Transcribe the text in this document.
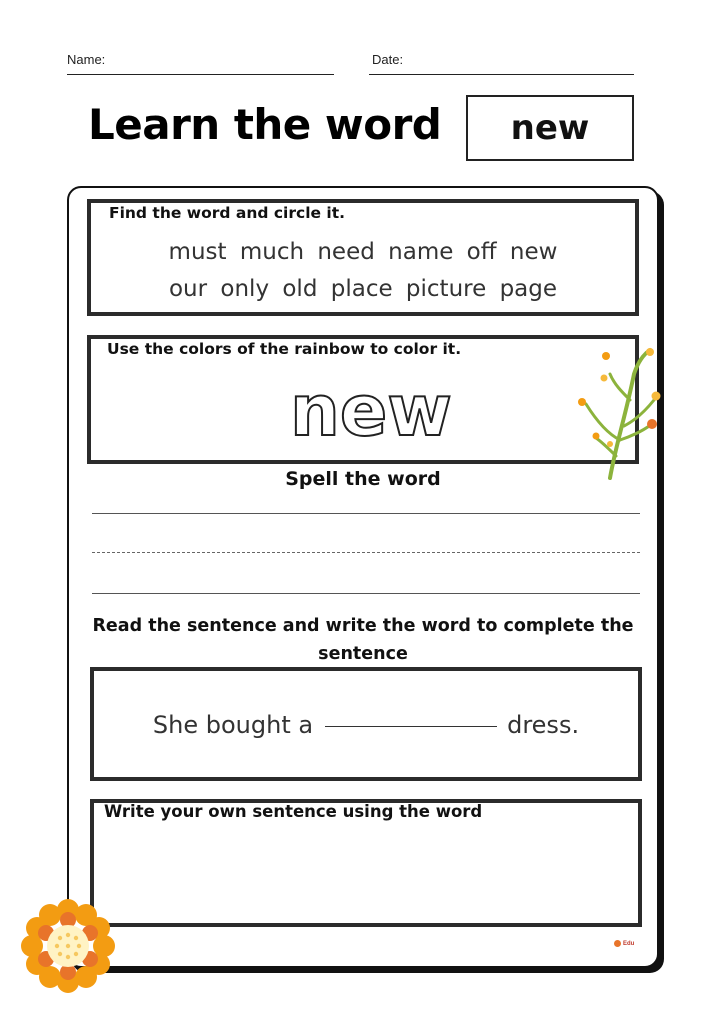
Name:	Date:
Learn the word new
Find the word and circle it.
must much need name off new
our only old place picture page
Use the colors of the rainbow to color it.
new
Spell the word
Read the sentence and write the word to complete the sentence
She bought a	dress.
Write your own sentence using the word
Edu
